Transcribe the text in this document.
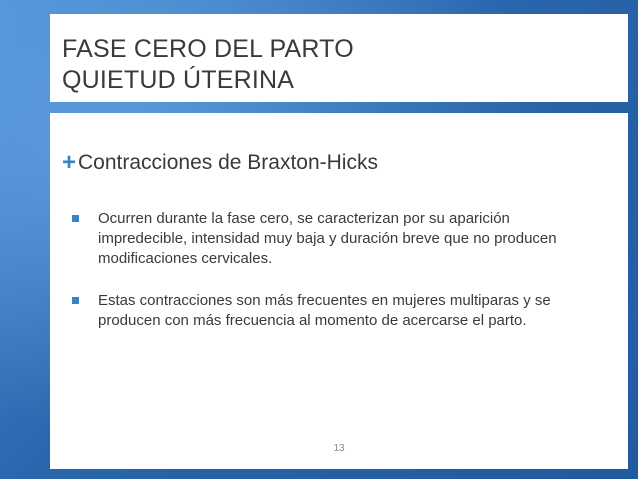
FASE CERO DEL PARTO
QUIETUD ÚTERINA
+Contracciones de Braxton-Hicks
Ocurren durante la fase cero, se caracterizan por su aparición impredecible, intensidad muy baja y duración breve que no producen modificaciones cervicales.
Estas contracciones son más frecuentes en mujeres multiparas y se producen con más frecuencia al momento de acercarse el parto.
13
